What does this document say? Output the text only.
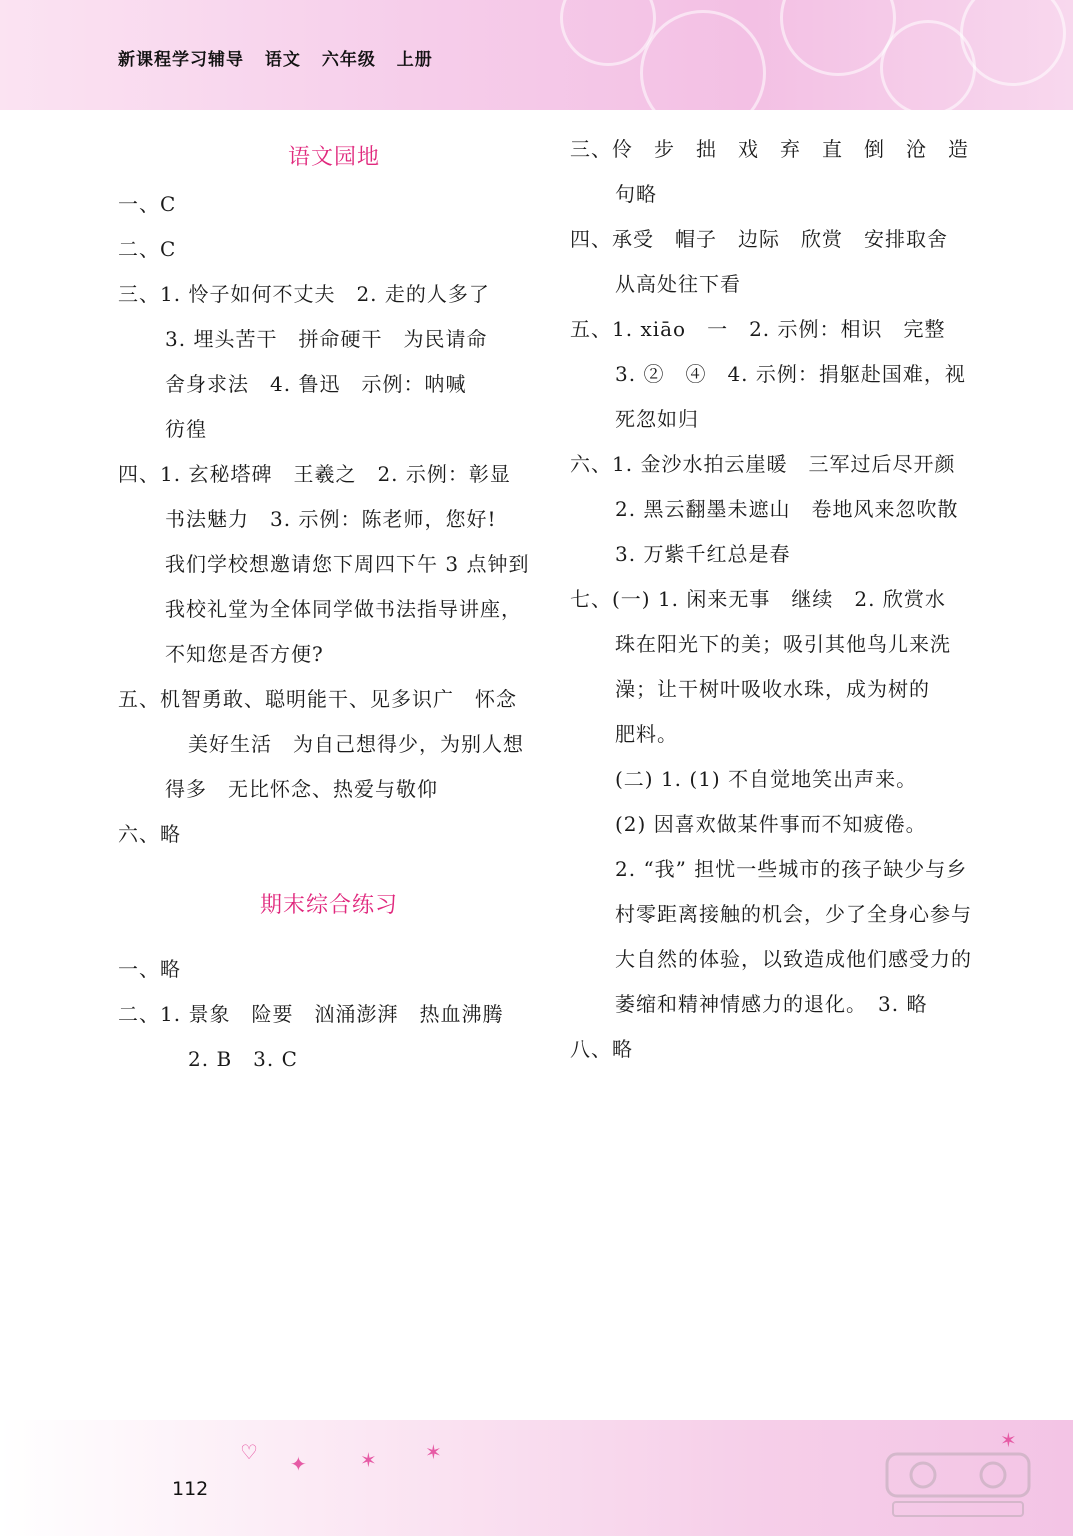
新课程学习辅导 语文 六年级 上册
语文园地
一、C
二、C
三、1. 怜子如何不丈夫　2. 走的人多了
3. 埋头苦干　拼命硬干　为民请命
舍身求法　4. 鲁迅　示例：呐喊
彷徨
四、1. 玄秘塔碑　王羲之　2. 示例：彰显
书法魅力　3. 示例：陈老师，您好!
我们学校想邀请您下周四下午 3 点钟到
我校礼堂为全体同学做书法指导讲座，
不知您是否方便?
五、机智勇敢、聪明能干、见多识广　怀念
美好生活　为自己想得少，为别人想
得多　无比怀念、热爱与敬仰
六、略
期末综合练习
一、略
二、1. 景象　险要　汹涌澎湃　热血沸腾
2. B　3. C
三、伶　步　拙　戏　弃　直　倒　沧　造
句略
四、承受　帽子　边际　欣赏　安排取舍
从高处往下看
五、1. xiāo　一　2. 示例：相识　完整
3. ②　④　4. 示例：捐躯赴国难，视
死忽如归
六、1. 金沙水拍云崖暖　三军过后尽开颜
2. 黑云翻墨未遮山　卷地风来忽吹散
3. 万紫千红总是春
七、(一) 1. 闲来无事　继续　2. 欣赏水
珠在阳光下的美；吸引其他鸟儿来洗
澡；让干树叶吸收水珠，成为树的
肥料。
(二) 1. (1) 不自觉地笑出声来。
(2) 因喜欢做某件事而不知疲倦。
2. “我” 担忧一些城市的孩子缺少与乡
村零距离接触的机会，少了全身心参与
大自然的体验，以致造成他们感受力的
萎缩和精神情感力的退化。　3. 略
八、略
♡ ✦	✶ ✶	✶
112
